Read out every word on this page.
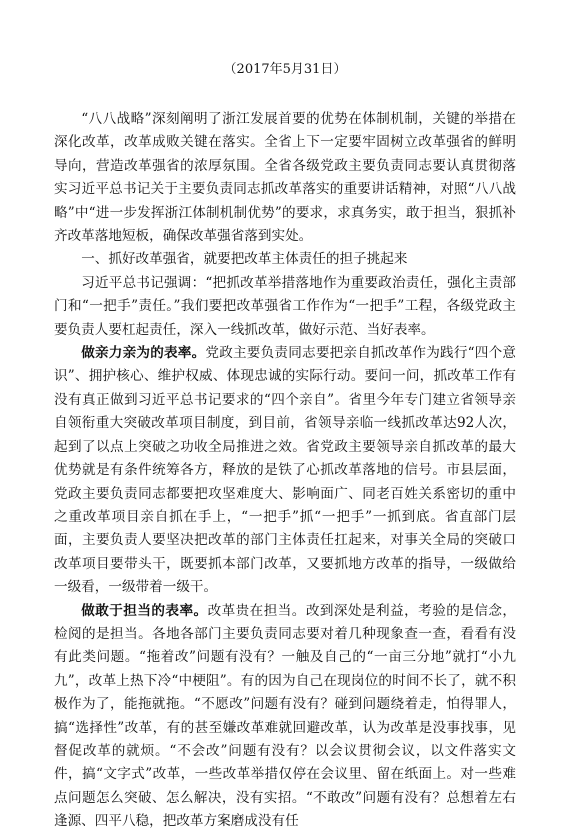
（2017年5月31日）

“八八战略”深刻阐明了浙江发展首要的优势在体制机制，关键的举措在深化改革，改革成败关键在落实。全省上下一定要牢固树立改革强省的鲜明导向，营造改革强省的浓厚氛围。全省各级党政主要负责同志要认真贯彻落实习近平总书记关于主要负责同志抓改革落实的重要讲话精神，对照“八八战略”中“进一步发挥浙江体制机制优势”的要求，求真务实，敢于担当，狠抓补齐改革落地短板，确保改革强省落到实处。

一、抓好改革强省，就要把改革主体责任的担子挑起来

习近平总书记强调：“把抓改革举措落地作为重要政治责任，强化主责部门和“一把手”责任。”我们要把改革强省工作作为“一把手”工程，各级党政主要负责人要杠起责任，深入一线抓改革，做好示范、当好表率。

做亲力亲为的表率。党政主要负责同志要把亲自抓改革作为践行“四个意识”、拥护核心、维护权威、体现忠诚的实际行动。要问一问，抓改革工作有没有真正做到习近平总书记要求的“四个亲自”。省里今年专门建立省领导亲自领衔重大突破改革项目制度，到目前，省领导亲临一线抓改革达92人次，起到了以点上突破之功收全局推进之效。省党政主要领导亲自抓改革的最大优势就是有条件统筹各方，释放的是铁了心抓改革落地的信号。市县层面，党政主要负责同志都要把攻坚难度大、影响面广、同老百姓关系密切的重中之重改革项目亲自抓在手上，“一把手”抓“一把手”一抓到底。省直部门层面，主要负责人要坚决把改革的部门主体责任扛起来，对事关全局的突破口改革项目要带头干，既要抓本部门改革，又要抓地方改革的指导，一级做给一级看，一级带着一级干。

做敢于担当的表率。改革贵在担当。改到深处是利益，考验的是信念，检阅的是担当。各地各部门主要负责同志要对着几种现象查一查，看看有没有此类问题。“拖着改”问题有没有？一触及自己的“一亩三分地”就打“小九九”，改革上热下冷“中梗阻”。有的因为自己在现岗位的时间不长了，就不积极作为了，能拖就拖。“不愿改”问题有没有？碰到问题绕着走，怕得罪人，搞“选择性”改革，有的甚至嫌改革难就回避改革，认为改革是没事找事，见督促改革的就烦。“不会改”问题有没有？以会议贯彻会议，以文件落实文件，搞“文字式”改革，一些改革举措仅停在会议里、留在纸面上。对一些难点问题怎么突破、怎么解决，没有实招。“不敢改”问题有没有？总想着左右逢源、四平八稳，把改革方案磨成没有任
